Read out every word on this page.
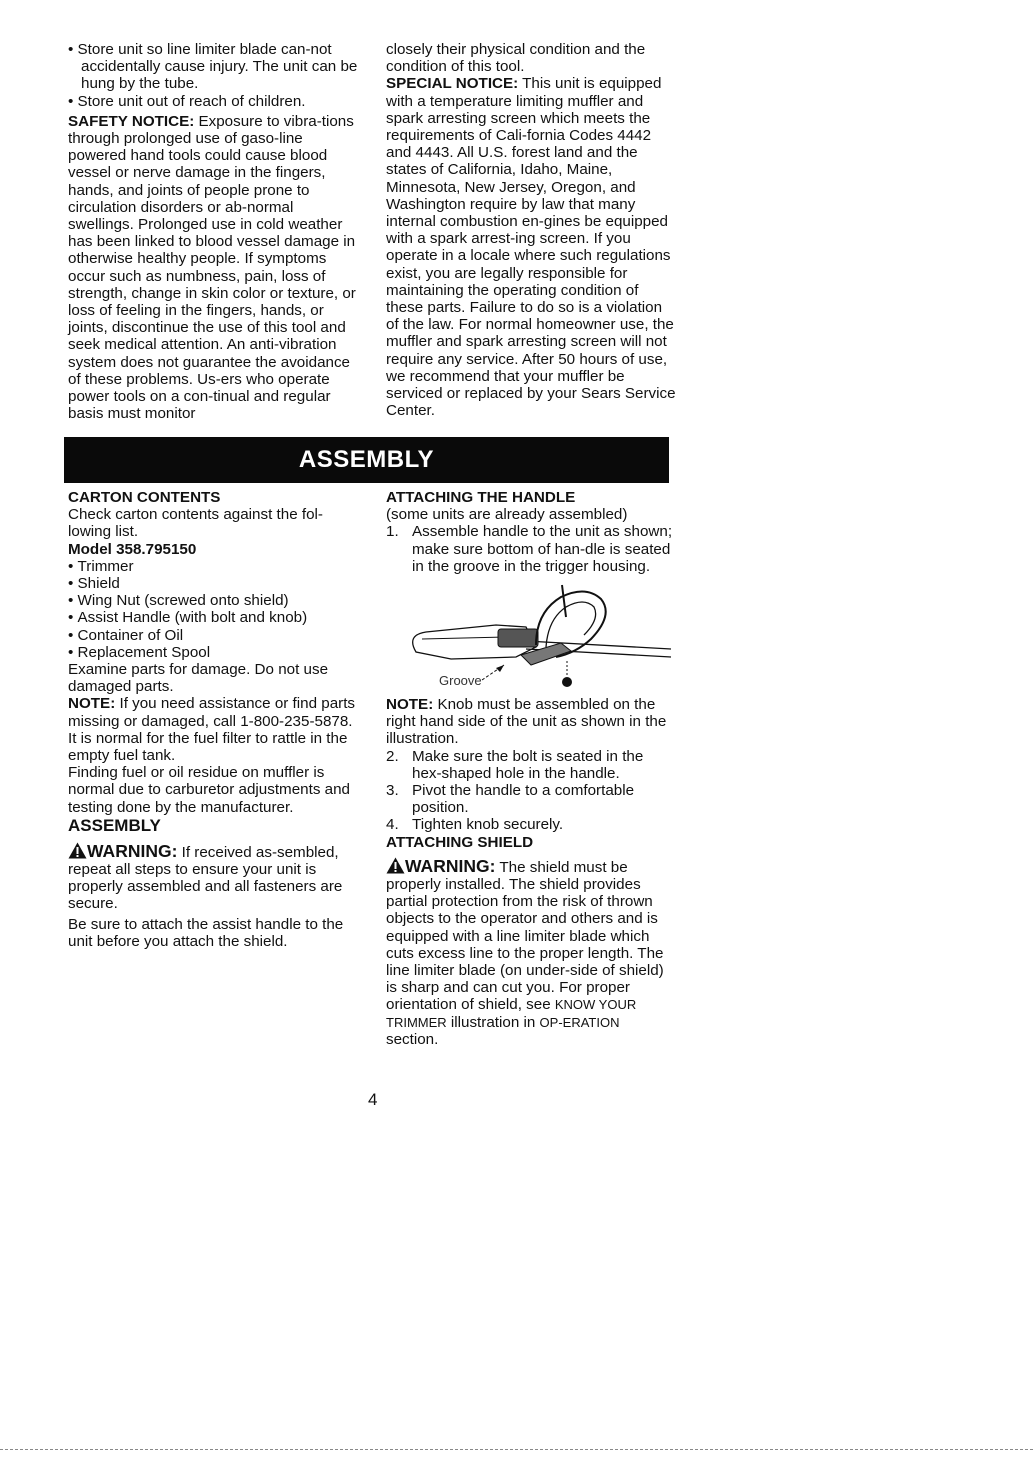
• Store unit so line limiter blade can-not accidentally cause injury. The unit can be hung by the tube.

• Store unit out of reach of children.

SAFETY NOTICE: Exposure to vibra-tions through prolonged use of gaso-line powered hand tools could cause blood vessel or nerve damage in the fingers, hands, and joints of people prone to circulation disorders or ab-normal swellings. Prolonged use in cold weather has been linked to blood vessel damage in otherwise healthy people. If symptoms occur such as numbness, pain, loss of strength, change in skin color or texture, or loss of feeling in the fingers, hands, or joints, discontinue the use of this tool and seek medical attention. An anti-vibration system does not guarantee the avoidance of these problems. Us-ers who operate power tools on a con-tinual and regular basis must monitor

closely their physical condition and the condition of this tool.

SPECIAL NOTICE: This unit is equipped with a temperature limiting muffler and spark arresting screen which meets the requirements of Cali-fornia Codes 4442 and 4443. All U.S. forest land and the states of California, Idaho, Maine, Minnesota, New Jersey, Oregon, and Washington require by law that many internal combustion en-gines be equipped with a spark arrest-ing screen. If you operate in a locale where such regulations exist, you are legally responsible for maintaining the operating condition of these parts. Failure to do so is a violation of the law. For normal homeowner use, the muffler and spark arresting screen will not require any service. After 50 hours of use, we recommend that your muffler be serviced or replaced by your Sears Service Center.

ASSEMBLY

CARTON CONTENTS

Check carton contents against the fol-lowing list.

Model 358.795150

• Trimmer

• Shield

• Wing Nut (screwed onto shield)

• Assist Handle (with bolt and knob)

• Container of Oil

• Replacement Spool

Examine parts for damage. Do not use damaged parts.

NOTE: If you need assistance or find parts missing or damaged, call 1-800-235-5878.

It is normal for the fuel filter to rattle in the empty fuel tank.

Finding fuel or oil residue on muffler is normal due to carburetor adjustments and testing done by the manufacturer.

ASSEMBLY

WARNING: If received as-sembled, repeat all steps to ensure your unit is properly assembled and all fasteners are secure.

Be sure to attach the assist handle to the unit before you attach the shield.

ATTACHING THE HANDLE

(some units are already assembled)

1. Assemble handle to the unit as shown; make sure bottom of han-dle is seated in the groove in the trigger housing.

Groove

NOTE: Knob must be assembled on the right hand side of the unit as shown in the illustration.

2. Make sure the bolt is seated in the hex-shaped hole in the handle.

3. Pivot the handle to a comfortable position.

4. Tighten knob securely.

ATTACHING SHIELD

WARNING: The shield must be properly installed. The shield provides partial protection from the risk of thrown objects to the operator and others and is equipped with a line limiter blade which cuts excess line to the proper length. The line limiter blade (on under-side of shield) is sharp and can cut you. For proper orientation of shield, see KNOW YOUR TRIMMER illustration in OP-ERATION section.

4
